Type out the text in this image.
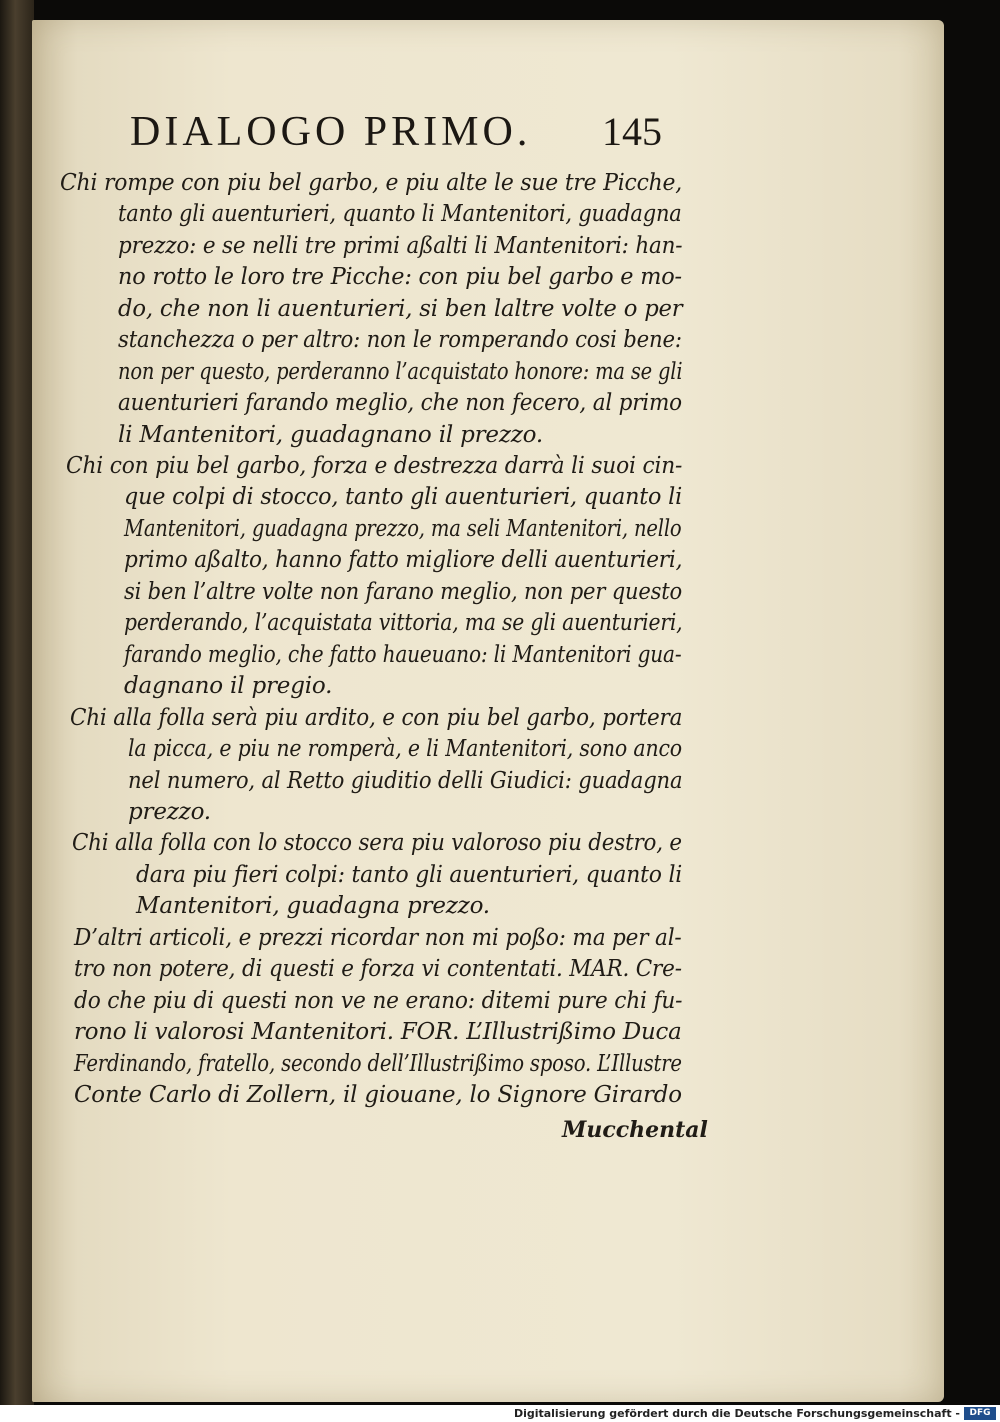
DIALOGO PRIMO. 145
Chi rompe con piu bel garbo, e piu alte le sue tre Picche,
tanto gli auenturieri, quanto li Mantenitori, guadagna
prezzo: e se nelli tre primi aßalti li Mantenitori: han-
no rotto le loro tre Picche: con piu bel garbo e mo-
do, che non li auenturieri, si ben laltre volte o per
stanchezza o per altro: non le romperando cosi bene:
non per questo, perderanno l’acquistato honore: ma se gli
auenturieri farando meglio, che non fecero, al primo
li Mantenitori, guadagnano il prezzo.
Chi con piu bel garbo, forza e destrezza darrà li suoi cin-
que colpi di stocco, tanto gli auenturieri, quanto li
Mantenitori, guadagna prezzo, ma seli Mantenitori, nello
primo aßalto, hanno fatto migliore delli auenturieri,
si ben l’altre volte non farano meglio, non per questo
perderando, l’acquistata vittoria, ma se gli auenturieri,
farando meglio, che fatto haueuano: li Mantenitori gua-
dagnano il pregio.
Chi alla folla serà piu ardito, e con piu bel garbo, portera
la picca, e piu ne romperà, e li Mantenitori, sono anco
nel numero, al Retto giuditio delli Giudici: guadagna
prezzo.
Chi alla folla con lo stocco sera piu valoroso piu destro, e
dara piu fieri colpi: tanto gli auenturieri, quanto li
Mantenitori, guadagna prezzo.
D’altri articoli, e prezzi ricordar non mi poßo: ma per al-
tro non potere, di questi e forza vi contentati. MAR. Cre-
do che piu di questi non ve ne erano: ditemi pure chi fu-
rono li valorosi Mantenitori. FOR. L’Illustrißimo Duca
Ferdinando, fratello, secondo dell’Illustrißimo sposo. L’Illustre
Conte Carlo di Zollern, il giouane, lo Signore Girardo
Mucchental
Digitalisierung gefördert durch die Deutsche Forschungsgemeinschaft -	DFG
